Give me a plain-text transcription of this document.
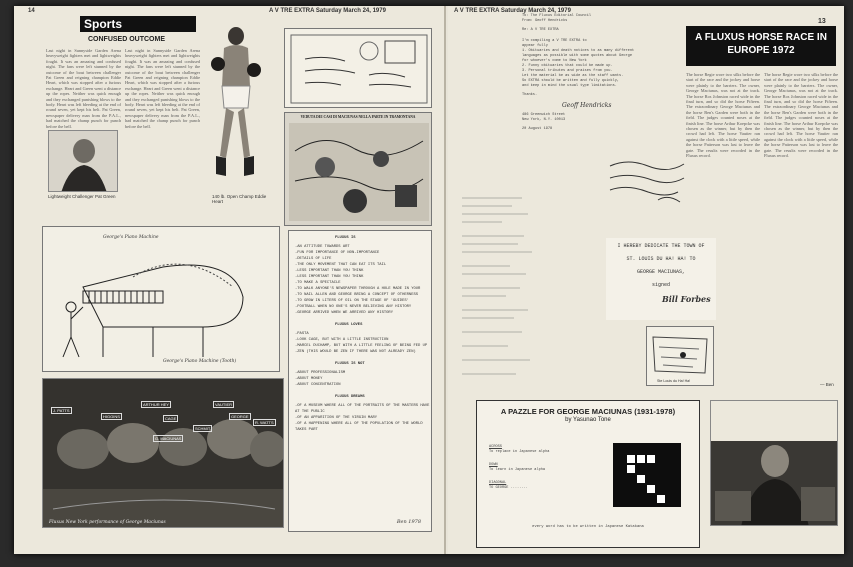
14	A V TRE EXTRA Saturday March 24, 1979
Sports
CONFUSED OUTCOME
Last night in Sunnyside Garden Arena heavyweight fighters met and lightweights fought. It was an amazing and confused night. The fans were left stunned by the outcome of the bout between challenger Pat Green and reigning champion Eddie Heart, which was stopped after a furious exchange. Heart and Green went a distance up the ropes. Neither was quick enough and they exchanged punishing blows to the body. Heart was left bleeding at the end of round seven, yet kept his belt. Pat Green, newspaper delivery man from the P.A.L., had matched the champ punch for punch before the bell.
Last night in Sunnyside Garden Arena heavyweight fighters met and lightweights fought. It was an amazing and confused night. The fans were left stunned by the outcome of the bout between challenger Pat Green and reigning champion Eddie Heart, which was stopped after a furious exchange. Heart and Green went a distance up the ropes. Neither was quick enough and they exchanged punishing blows to the body. Heart was left bleeding at the end of round seven, yet kept his belt. Pat Green, newspaper delivery man from the P.A.L., had matched the champ punch for punch before the bell.
Lightweight Challenger Pat Green	140 lb. Open Champ Eddie Heart
VEDUTA DEI CASI DI MACIUNAS NELLA PARTE IN TRAMONTANA
George's Piano Machine
George's Piano Machine (Tooth)
FLUXUS IS
-AN ATTITUDE TOWARDS ART
-FUN FOR IMPORTANCE OF NON-IMPORTANCE
-DETAILS OF LIFE
-THE ONLY MOVEMENT THAT CAN EAT ITS TAIL
-LESS IMPORTANT THAN YOU THINK
-LESS IMPORTANT THAN YOU THINK
-TO MAKE A SPECTACLE
-TO WALK ANYONE'S NEWSPAPER THROUGH A HOLE MADE IN YOUR
-TO NAIL ALLEN AND GEORGE BRING A CONCEPT OF OTHERNESS
-TO GROW IN LITERS OF OIL ON THE STAGE OF 'GUIDES'
-FOOTBALL WHEN NO ONE'S NEVER BELIEVING ANY HISTORY
-GEORGE ARRIVED WHEN WE ARRIVED ANY HISTORY
FLUXUS LOVES
-PASTA
-LOOK CAGE, BUT WITH A LITTLE INSTRUCTION
-MARCEL DUCHAMP, BUT WITH A LITTLE FEELING OF BEING FED UP
-ZEN (THIS WOULD BE ZEN IF THERE WAS NOT ALREADY ZEN)
FLUXUS IS NOT
-ABOUT PROFESSIONALISM
-ABOUT MONEY
-ABOUT CONCENTRATION
FLUXUS DREAMS
-OF A MUSEUM WHERE ALL OF THE PORTRAITS OF THE MASTERS HAVE
AT THE PUBLIC
-OF AN APPARITION OF THE VIRGIN MARY
-OF A HAPPENING WHERE ALL OF THE POPULATION OF THE WORLD
TAKES PART
Ben 1978
J. PATTS
HIGGINS
ARTHUR HEY
CAGE
VAUTIER
SCHMIT
GEORGE
G. MACIUNAS
R. WATTS
Fluxus New York performance of George Maciunas
A V TRE EXTRA Saturday March 24, 1979
13
To: The Fluxus Editorial Council
From: Geoff Hendricks
Re: A V TRE EXTRA
I'm compiling a V TRE EXTRA to
appear fully
1. Obituaries and death notices to as many different
languages as possible with some quotes about George
for whoever's come to New York
2. Funny obituaries that could be made up.
3. Personal tributes and praises from you.
Let the material be as wide as the staff wants.
So EXTRA should be written and fully quickly,
and keep in mind the usual type limitations.
Thanks.
Geoff Hendricks
486 Greenwich Street
New York, N.Y. 10013
20 August 1978
I HEREBY DEDICATE THE TOWN OF
ST. LOUIS DU HA! HA! TO
GEORGE MACIUNAS,
signed
Bill Forbes
Ste Louis du Ha! Ha!
A FLUXUS HORSE RACE IN EUROPE 1972
The horse Regie wore two silks before the start of the race and the jockey and horse were plainly to the barriers. The owner, George Maciunas, was not at the track. The horse Ros Johnston raced wide in the final turn, and so did the horse Fifteen. The extraordinary George Maciunas and the horse Ben's Garden were both in the field. The judges counted noses at the finish line. The horse Arthur Koepcke was chosen as the winner, but by then the crowd had left. The horse Vautier ran against the clock with a little speed, while the horse Patterson was last to leave the gate. The results were recorded in the Fluxus record.
The horse Regie wore two silks before the start of the race and the jockey and horse were plainly to the barriers. The owner, George Maciunas, was not at the track. The horse Ros Johnston raced wide in the final turn, and so did the horse Fifteen. The extraordinary George Maciunas and the horse Ben's Garden were both in the field. The judges counted noses at the finish line. The horse Arthur Koepcke was chosen as the winner, but by then the crowd had left. The horse Vautier ran against the clock with a little speed, while the horse Patterson was last to leave the gate. The results were recorded in the Fluxus record.
— Ben
A PAZZLE FOR GEORGE MACIUNAS (1931-1978)
by Yasunao Tone
ACROSS
To replace in Japanese alpha
DOWN
To learn in Japanese alpha
DIAGONAL
TO GEORGE ........
every word has to be written in Japanese Katakana
